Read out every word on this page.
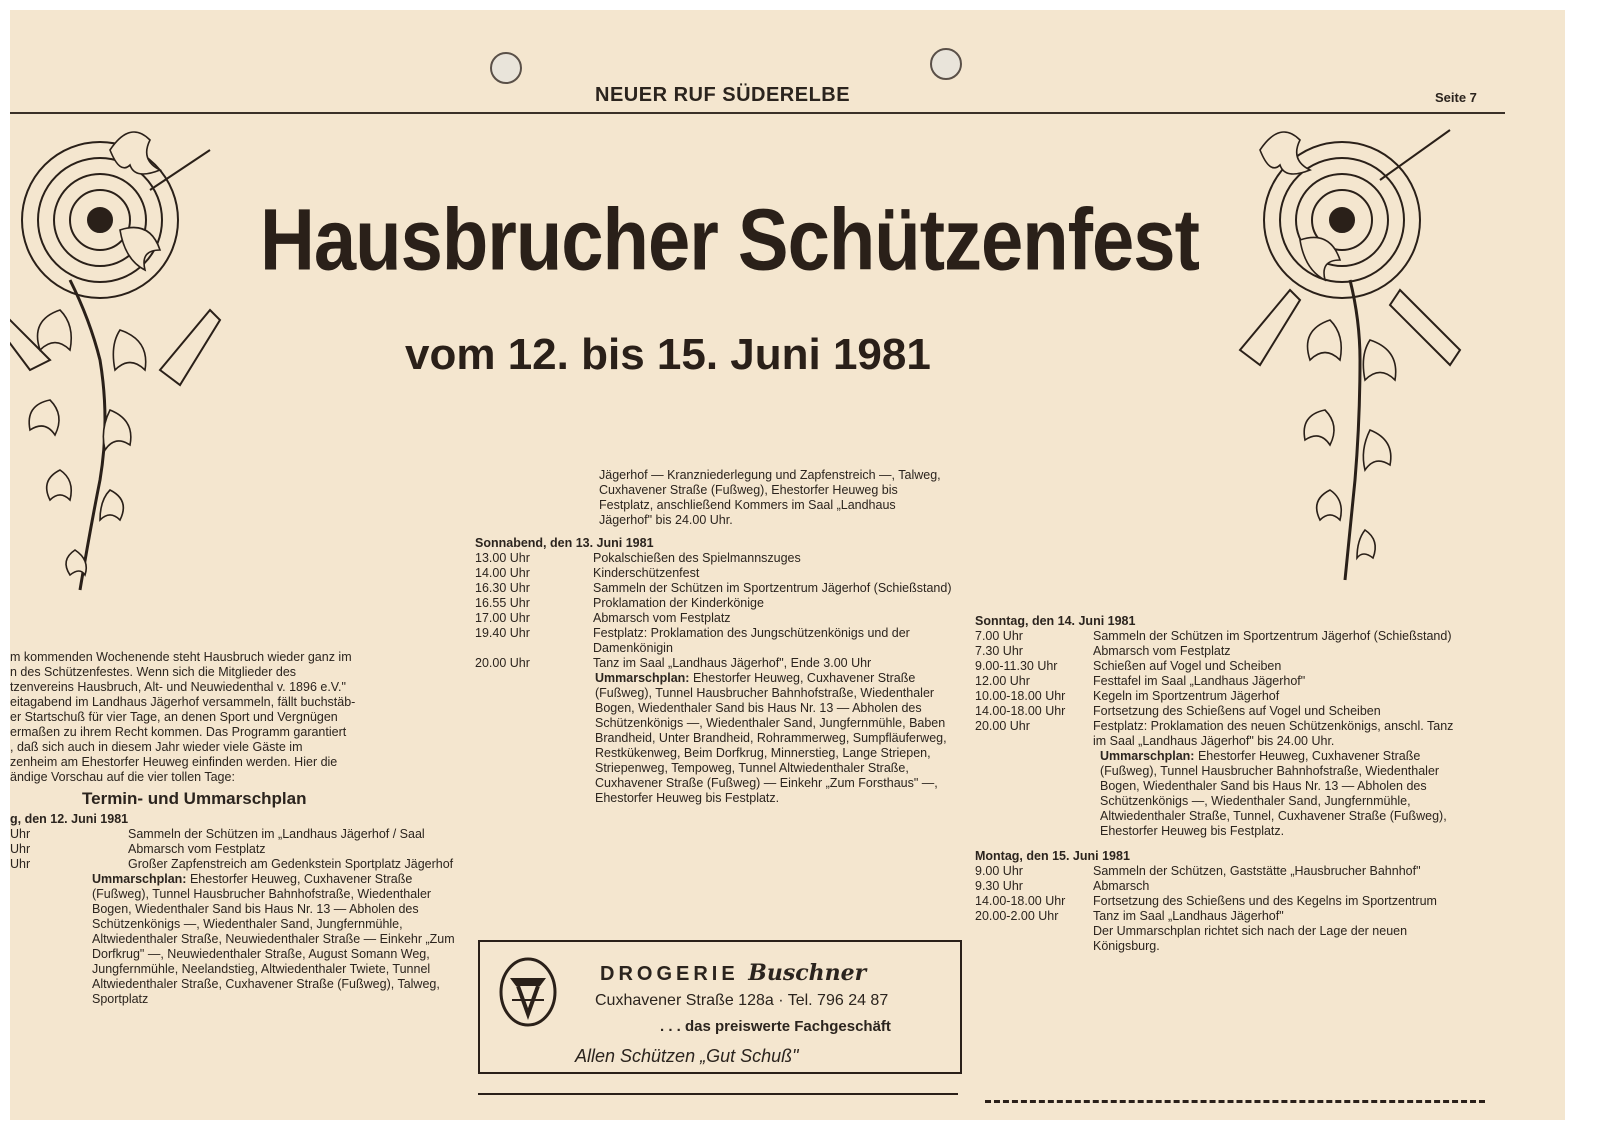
NEUER RUF SÜDERELBE	Seite 7
Hausbrucher Schützenfest
vom 12. bis 15. Juni 1981
m kommenden Wochenende steht Hausbruch wieder ganz im
n des Schützenfestes. Wenn sich die Mitglieder des
tzenvereins Hausbruch, Alt- und Neuwiedenthal v. 1896 e.V."
eitagabend im Landhaus Jägerhof versammeln, fällt buchstäb-
er Startschuß für vier Tage, an denen Sport und Vergnügen
ermaßen zu ihrem Recht kommen. Das Programm garantiert
, daß sich auch in diesem Jahr wieder viele Gäste im
zenheim am Ehestorfer Heuweg einfinden werden. Hier die
ändige Vorschau auf die vier tollen Tage:
Termin- und Ummarschplan
g, den 12. Juni 1981
Uhr	Sammeln der Schützen im „Landhaus Jägerhof / Saal
Uhr	Abmarsch vom Festplatz
Uhr	Großer Zapfenstreich am Gedenkstein Sportplatz Jägerhof
Ummarschplan: Ehestorfer Heuweg, Cuxhavener Straße (Fußweg), Tunnel Hausbrucher Bahnhofstraße, Wiedenthaler Bogen, Wiedenthaler Sand bis Haus Nr. 13 — Abholen des Schützenkönigs —, Wiedenthaler Sand, Jungfernmühle, Altwiedenthaler Straße, Neuwiedenthaler Straße — Einkehr „Zum Dorfkrug" —, Neuwiedenthaler Straße, August Somann Weg, Jungfernmühle, Neelandstieg, Altwiedenthaler Twiete, Tunnel Altwiedenthaler Straße, Cuxhavener Straße (Fußweg), Talweg, Sportplatz
Jägerhof — Kranzniederlegung und Zapfenstreich —, Talweg, Cuxhavener Straße (Fußweg), Ehestorfer Heuweg bis Festplatz, anschließend Kommers im Saal „Landhaus Jägerhof" bis 24.00 Uhr.
Sonnabend, den 13. Juni 1981
13.00 Uhr	Pokalschießen des Spielmannszuges
14.00 Uhr	Kinderschützenfest
16.30 Uhr	Sammeln der Schützen im Sportzentrum Jägerhof (Schießstand)
16.55 Uhr	Proklamation der Kinderkönige
17.00 Uhr	Abmarsch vom Festplatz
19.40 Uhr	Festplatz: Proklamation des Jungschützenkönigs und der Damenkönigin
20.00 Uhr	Tanz im Saal „Landhaus Jägerhof", Ende 3.00 Uhr
Ummarschplan: Ehestorfer Heuweg, Cuxhavener Straße (Fußweg), Tunnel Hausbrucher Bahnhofstraße, Wiedenthaler Bogen, Wiedenthaler Sand bis Haus Nr. 13 — Abholen des Schützenkönigs —, Wiedenthaler Sand, Jungfernmühle, Baben Brandheid, Unter Brandheid, Rohrammerweg, Sumpfläuferweg, Restkükenweg, Beim Dorfkrug, Minnerstieg, Lange Striepen, Striepenweg, Tempoweg, Tunnel Altwiedenthaler Straße, Cuxhavener Straße (Fußweg) — Einkehr „Zum Forsthaus" —, Ehestorfer Heuweg bis Festplatz.
Sonntag, den 14. Juni 1981
7.00 Uhr	Sammeln der Schützen im Sportzentrum Jägerhof (Schießstand)
7.30 Uhr	Abmarsch vom Festplatz
9.00-11.30 Uhr	Schießen auf Vogel und Scheiben
12.00 Uhr	Festtafel im Saal „Landhaus Jägerhof"
10.00-18.00 Uhr	Kegeln im Sportzentrum Jägerhof
14.00-18.00 Uhr	Fortsetzung des Schießens auf Vogel und Scheiben
20.00 Uhr	Festplatz: Proklamation des neuen Schützenkönigs, anschl. Tanz im Saal „Landhaus Jägerhof" bis 24.00 Uhr.
Ummarschplan: Ehestorfer Heuweg, Cuxhavener Straße (Fußweg), Tunnel Hausbrucher Bahnhofstraße, Wiedenthaler Bogen, Wiedenthaler Sand bis Haus Nr. 13 — Abholen des Schützenkönigs —, Wiedenthaler Sand, Jungfernmühle, Altwiedenthaler Straße, Tunnel, Cuxhavener Straße (Fußweg), Ehestorfer Heuweg bis Festplatz.
Montag, den 15. Juni 1981
9.00 Uhr	Sammeln der Schützen, Gaststätte „Hausbrucher Bahnhof"
9.30 Uhr	Abmarsch
14.00-18.00 Uhr	Fortsetzung des Schießens und des Kegelns im Sportzentrum
20.00-2.00 Uhr	Tanz im Saal „Landhaus Jägerhof"
Der Ummarschplan richtet sich nach der Lage der neuen Königsburg.
DROGERIE Buschner
Cuxhavener Straße 128a · Tel. 796 24 87
. . . das preiswerte Fachgeschäft
Allen Schützen „Gut Schuß"
